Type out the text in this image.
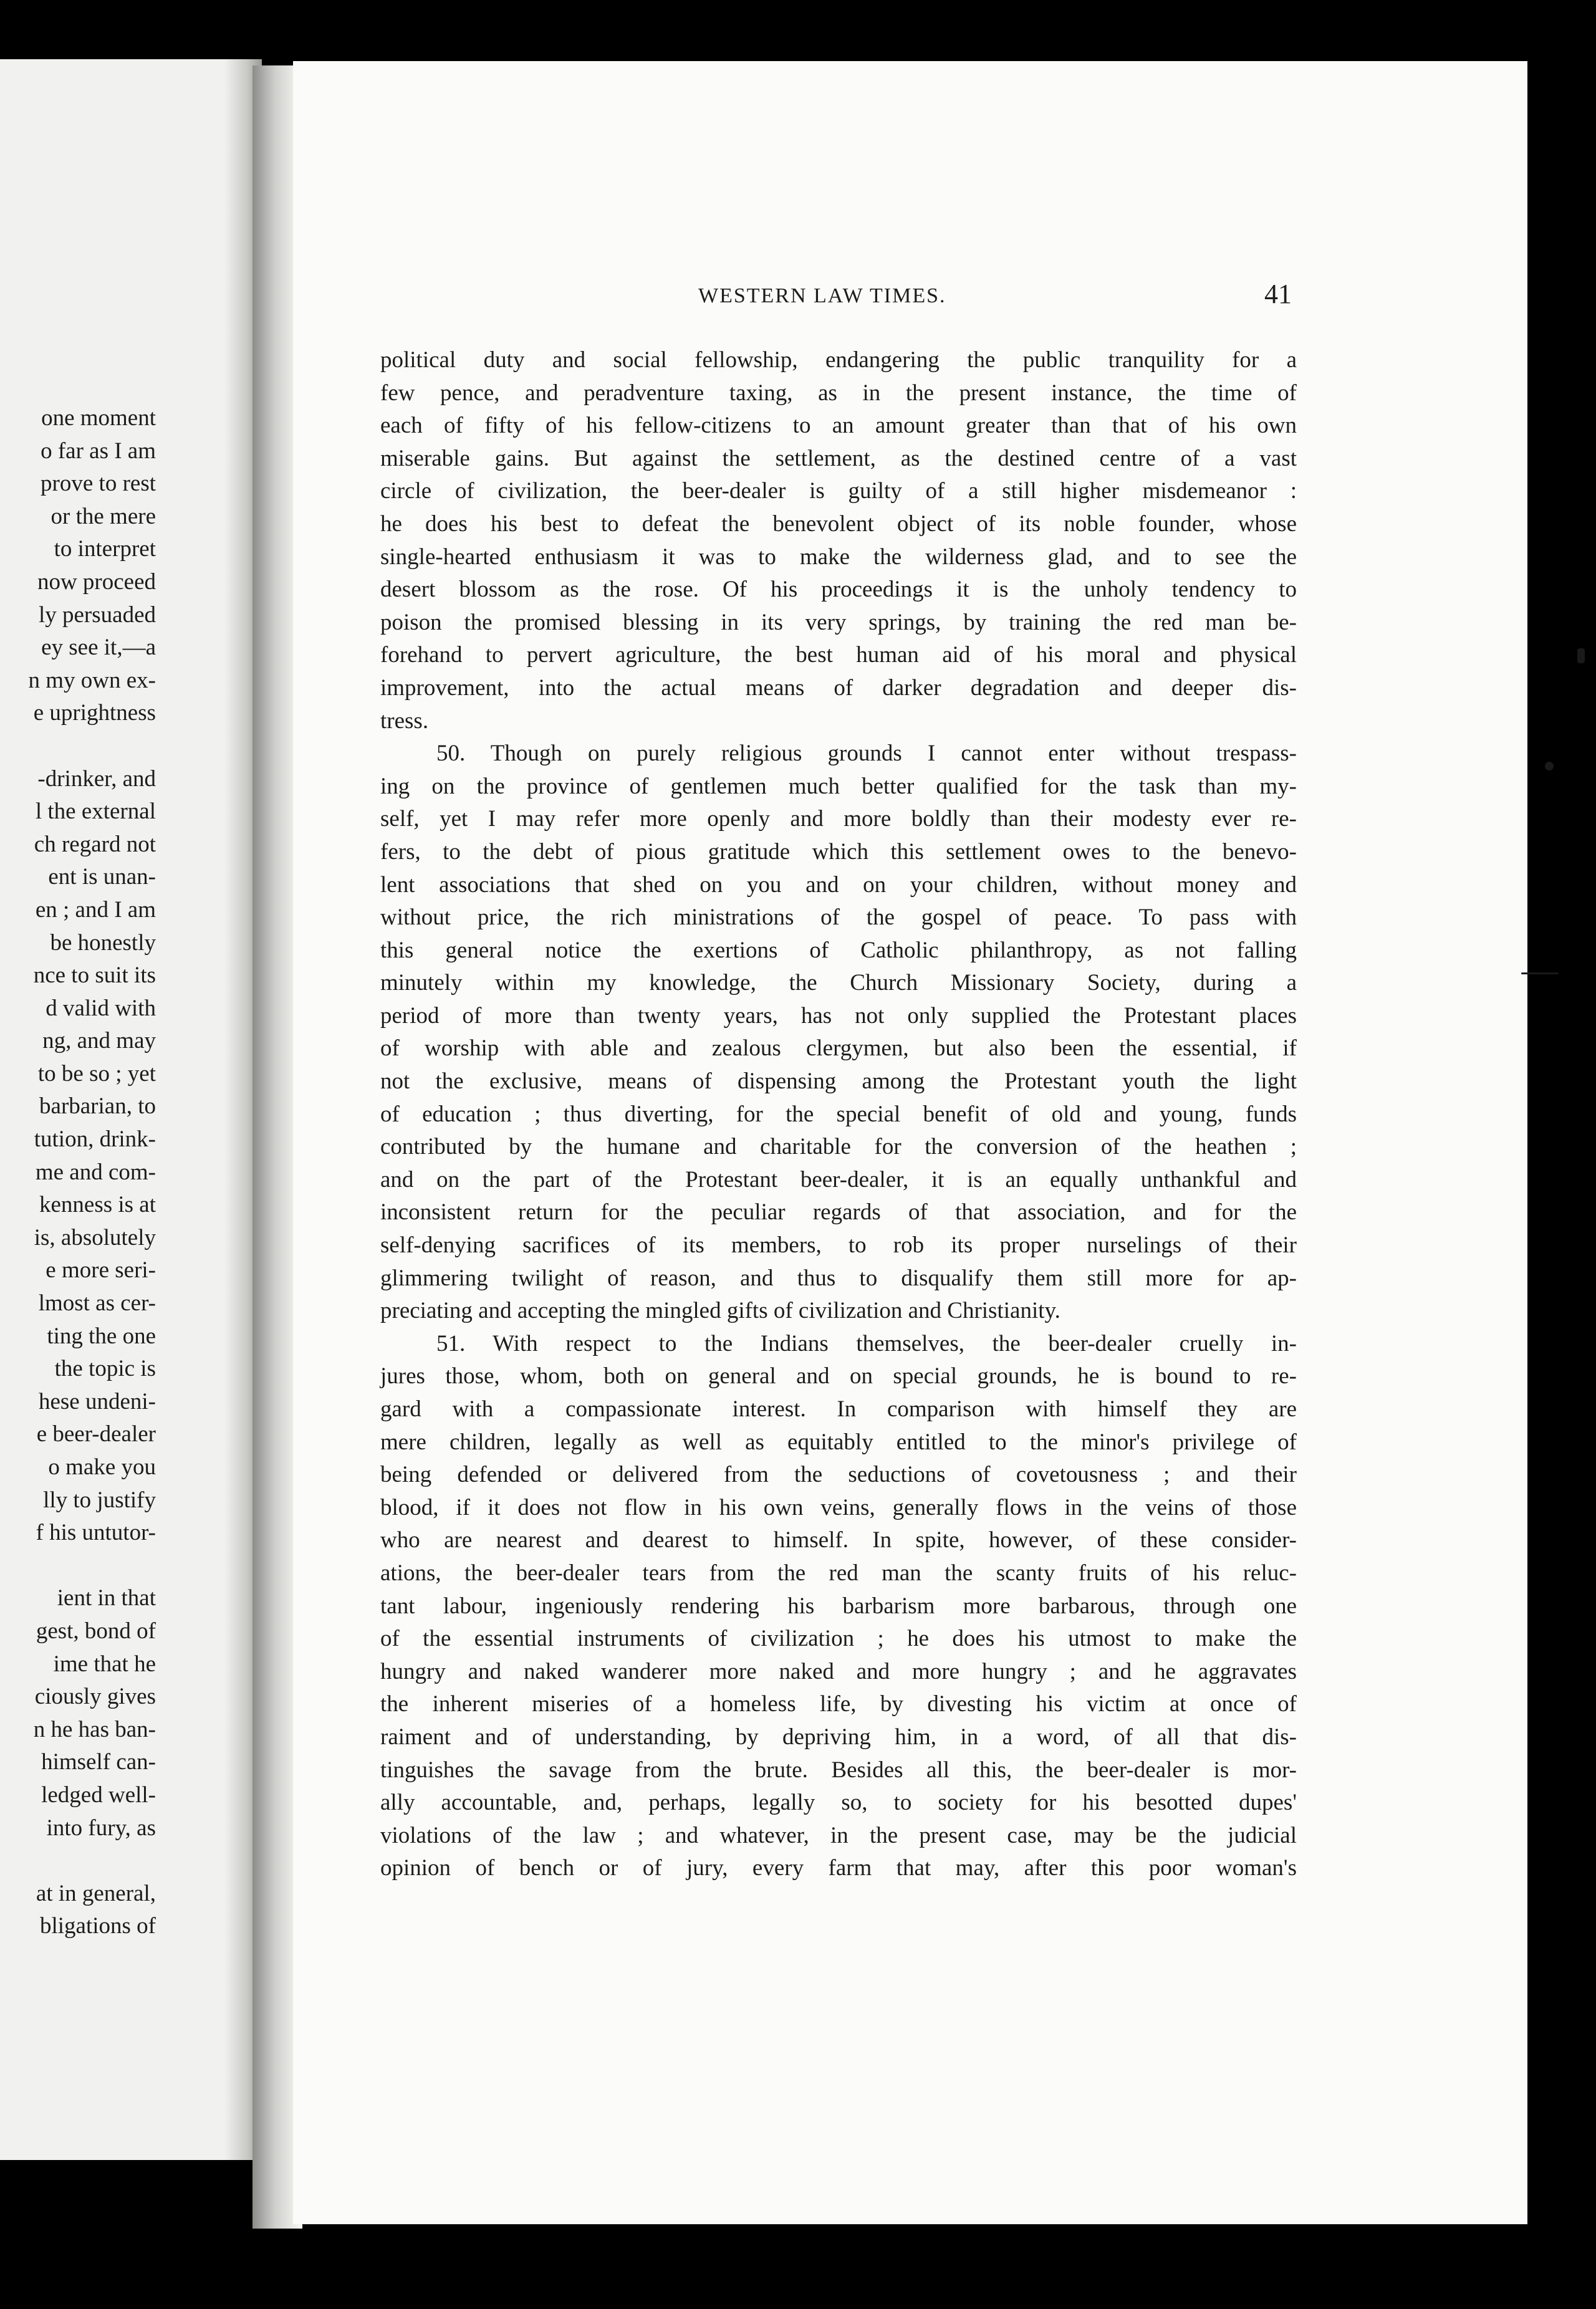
one moment
o far as I am
prove to rest
or the mere
to interpret
now proceed
ly persuaded
ey see it,—a
n my own ex-
e uprightness
-drinker, and
l the external
ch regard not
ent is unan-
en ; and I am
be honestly
nce to suit its
d valid with
ng, and may
to be so ; yet
barbarian, to
tution, drink-
me and com-
kenness is at
is, absolutely
e more seri-
lmost as cer-
ting the one
the topic is
hese undeni-
e beer-dealer
o make you
lly to justify
f his untutor-
ient in that
gest, bond of
ime that he
ciously gives
n he has ban-
himself can-
ledged well-
into fury, as
at in general,
bligations of
WESTERN LAW TIMES.	41
political duty and social fellowship, endangering the public tranquility for a
few pence, and peradventure taxing, as in the present instance, the time of
each of fifty of his fellow-citizens to an amount greater than that of his own
miserable gains. But against the settlement, as the destined centre of a vast
circle of civilization, the beer-dealer is guilty of a still higher misdemeanor :
he does his best to defeat the benevolent object of its noble founder, whose
single-hearted enthusiasm it was to make the wilderness glad, and to see the
desert blossom as the rose. Of his proceedings it is the unholy tendency to
poison the promised blessing in its very springs, by training the red man be-
forehand to pervert agriculture, the best human aid of his moral and physical
improvement, into the actual means of darker degradation and deeper dis-
tress.
50. Though on purely religious grounds I cannot enter without trespass-
ing on the province of gentlemen much better qualified for the task than my-
self, yet I may refer more openly and more boldly than their modesty ever re-
fers, to the debt of pious gratitude which this settlement owes to the benevo-
lent associations that shed on you and on your children, without money and
without price, the rich ministrations of the gospel of peace. To pass with
this general notice the exertions of Catholic philanthropy, as not falling
minutely within my knowledge, the Church Missionary Society, during a
period of more than twenty years, has not only supplied the Protestant places
of worship with able and zealous clergymen, but also been the essential, if
not the exclusive, means of dispensing among the Protestant youth the light
of education ; thus diverting, for the special benefit of old and young, funds
contributed by the humane and charitable for the conversion of the heathen ;
and on the part of the Protestant beer-dealer, it is an equally unthankful and
inconsistent return for the peculiar regards of that association, and for the
self-denying sacrifices of its members, to rob its proper nurselings of their
glimmering twilight of reason, and thus to disqualify them still more for ap-
preciating and accepting the mingled gifts of civilization and Christianity.
51. With respect to the Indians themselves, the beer-dealer cruelly in-
jures those, whom, both on general and on special grounds, he is bound to re-
gard with a compassionate interest. In comparison with himself they are
mere children, legally as well as equitably entitled to the minor's privilege of
being defended or delivered from the seductions of covetousness ; and their
blood, if it does not flow in his own veins, generally flows in the veins of those
who are nearest and dearest to himself. In spite, however, of these consider-
ations, the beer-dealer tears from the red man the scanty fruits of his reluc-
tant labour, ingeniously rendering his barbarism more barbarous, through one
of the essential instruments of civilization ; he does his utmost to make the
hungry and naked wanderer more naked and more hungry ; and he aggravates
the inherent miseries of a homeless life, by divesting his victim at once of
raiment and of understanding, by depriving him, in a word, of all that dis-
tinguishes the savage from the brute. Besides all this, the beer-dealer is mor-
ally accountable, and, perhaps, legally so, to society for his besotted dupes'
violations of the law ; and whatever, in the present case, may be the judicial
opinion of bench or of jury, every farm that may, after this poor woman's
